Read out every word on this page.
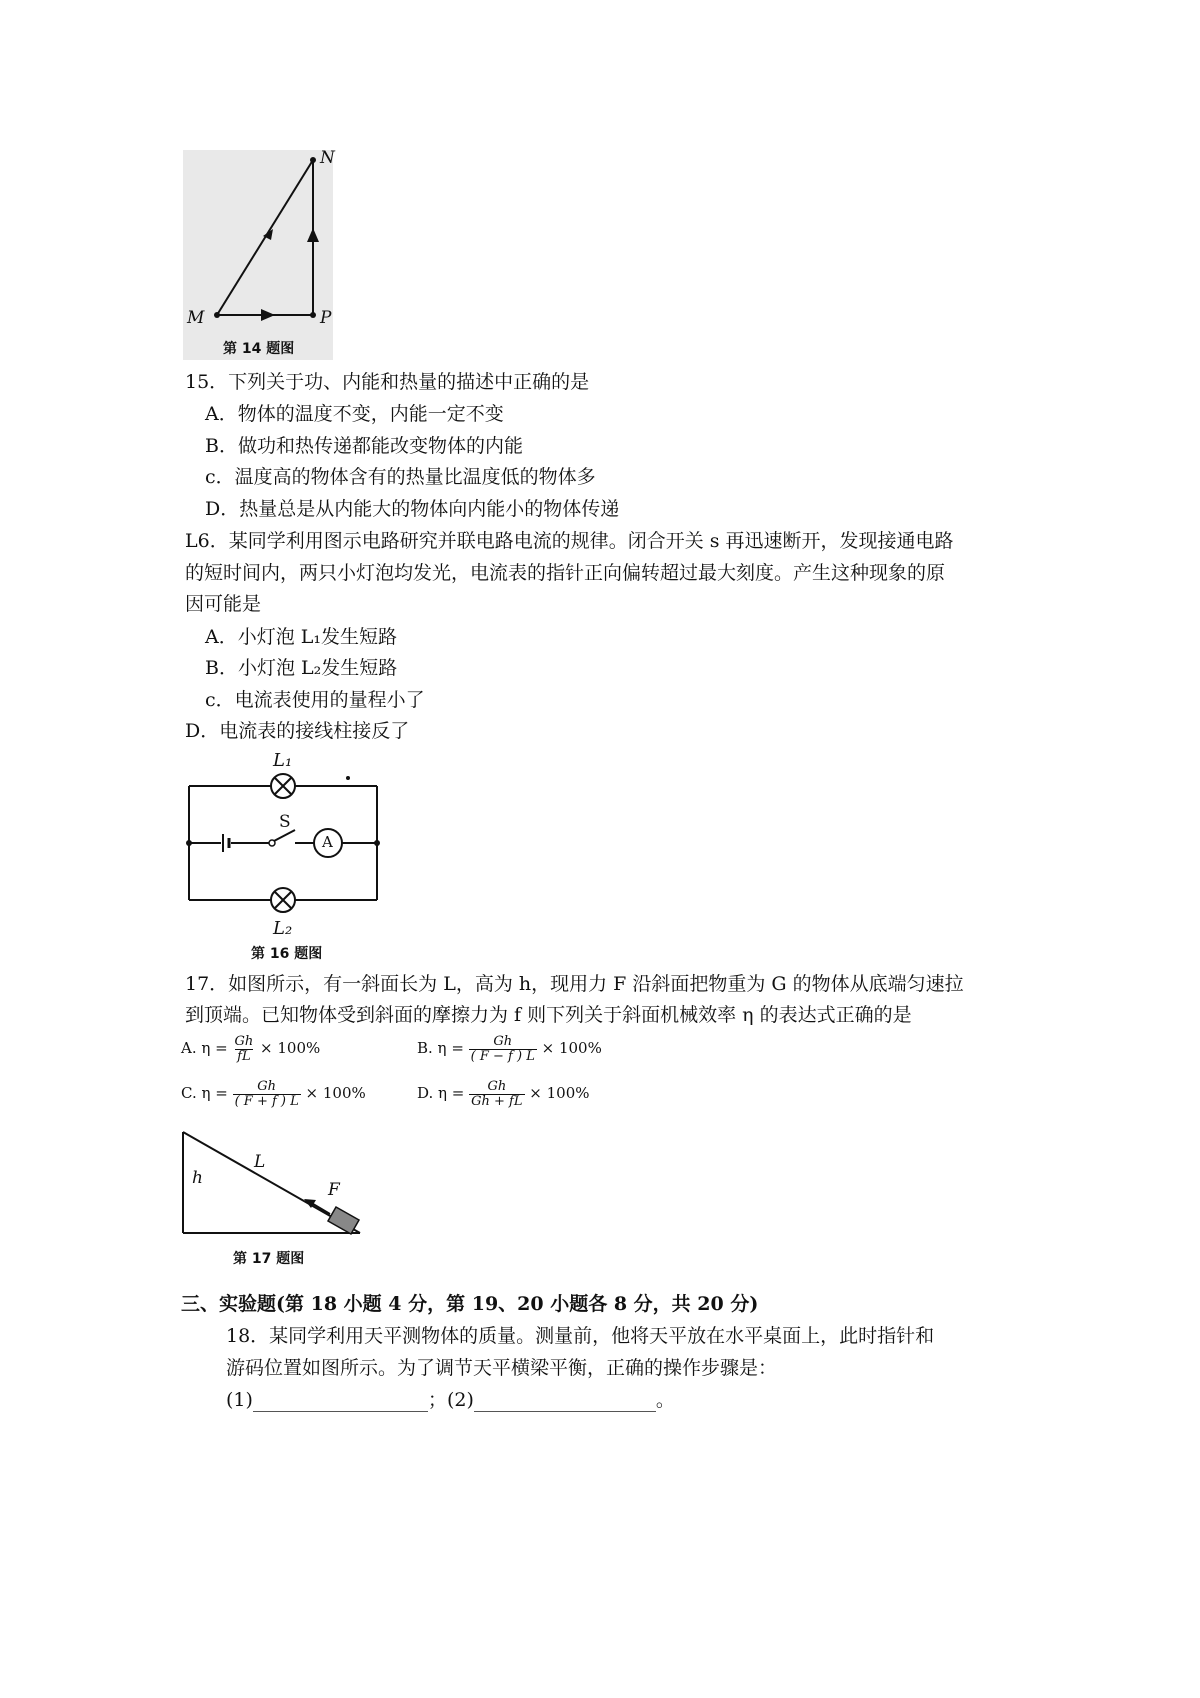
N
M	P
第 14 题图
15．下列关于功、内能和热量的描述中正确的是
A．物体的温度不变，内能一定不变
B．做功和热传递都能改变物体的内能
c．温度高的物体含有的热量比温度低的物体多
D．热量总是从内能大的物体向内能小的物体传递
L6．某同学利用图示电路研究并联电路电流的规律。闭合开关 s 再迅速断开，发现接通电路
的短时间内，两只小灯泡均发光，电流表的指针正向偏转超过最大刻度。产生这种现象的原
因可能是
A．小灯泡 L₁发生短路
B．小灯泡 L₂发生短路
c．电流表使用的量程小了
D．电流表的接线柱接反了
L₁
S
A
L₂
第 16 题图
17．如图所示，有一斜面长为 L，高为 h，现用力 F 沿斜面把物重为 G 的物体从底端匀速拉
到顶端。已知物体受到斜面的摩擦力为 f 则下列关于斜面机械效率 η 的表达式正确的是
A. $\eta = \frac{Gh}{fL} \times 100\%$	B. $\eta = \frac{Gh}{( F - f ) L} \times 100\%$
C. $\eta = \frac{Gh}{( F + f ) L} \times 100\%$	D. $\eta = \frac{Gh}{Gh + fL} \times 100\%$
h
L
F
第 17 题图
三、实验题(第 18 小题 4 分，第 19、20 小题各 8 分，共 20 分)
18．某同学利用天平测物体的质量。测量前，他将天平放在水平桌面上，此时指针和
游码位置如图所示。为了调节天平横梁平衡，正确的操作步骤是：
(1)	；(2)	。
